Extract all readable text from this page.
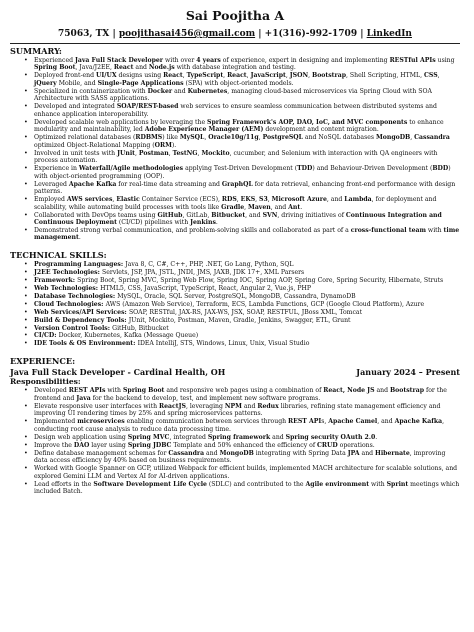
Sai Poojitha A
75063, TX | poojithasai456@gmail.com | +1(316)-992-1709 | LinkedIn
SUMMARY:
• Experienced Java Full Stack Developer with over 4 years of experience, expert in designing and implementing RESTful APIs using Spring Boot, Java/J2EE, React and Node.js with database integration and testing.
• Deployed front-end UI/UX designs using React, TypeScript, React, JavaScript, JSON, Bootstrap, Shell Scripting, HTML, CSS, jQuery Mobile, and Single-Page Applications (SPA) with object-oriented models.
• Specialized in containerization with Docker and Kubernetes, managing cloud-based microservices via Spring Cloud with SOA Architecture with SASS applications.
• Developed and integrated SOAP/REST-based web services to ensure seamless communication between distributed systems and enhance application interoperability.
• Developed scalable web applications by leveraging the Spring Framework's AOP, DAO, IoC, and MVC components to enhance modularity and maintainability, led Adobe Experience Manager (AEM) development and content migration.
• Optimized relational databases (RDBMS) like MySQL, Oracle10g/11g, PostgreSQL and NoSQL databases MongoDB, Cassandra optimized Object-Relational Mapping (ORM).
• Involved in unit tests with JUnit, Postman, TestNG, Mockito, cucumber, and Selenium with interaction with QA engineers with process automation.
• Experience in Waterfall/Agile methodologies applying Test-Driven Development (TDD) and Behaviour-Driven Development (BDD) with object-oriented programming (OOP).
• Leveraged Apache Kafka for real-time data streaming and GraphQL for data retrieval, enhancing front-end performance with design patterns.
• Employed AWS services, Elastic Container Service (ECS), RDS, EKS, S3, Microsoft Azure, and Lambda, for deployment and scalability, while automating build processes with tools like Gradle, Maven, and Ant.
• Collaborated with DevOps teams using GitHub, GitLab, Bitbucket, and SVN, driving initiatives of Continuous Integration and Continuous Deployment (CI/CD) pipelines with Jenkins.
• Demonstrated strong verbal communication, and problem-solving skills and collaborated as part of a cross-functional team with time management.
TECHNICAL SKILLS:
• Programming Languages: Java 8, C, C#, C++, PHP, .NET, Go Lang, Python, SQL
• J2EE Technologies: Servlets, JSP, JPA, JSTL, JNDI, JMS, JAXB, JDK 17+, XML Parsers
• Framework: Spring Boot, Spring MVC, Spring Web Flow, Spring IOC, Spring AOP, Spring Core, Spring Security, Hibernate, Struts
• Web Technologies: HTML5, CSS, JavaScript, TypeScript, React, Angular 2, Vue.js, PHP
• Database Technologies: MySQL, Oracle, SQL Server, PostgreSQL, MongoDB, Cassandra, DynamoDB
• Cloud Technologies: AWS (Amazon Web Service), Terraform, ECS, Lambda Functions, GCP (Google Cloud Platform), Azure
• Web Services/API Services: SOAP, RESTful, JAX-RS, JAX-WS, JSX, SOAP, RESTFUL, JBoss XML, Tomcat
• Build & Dependency Tools: JUnit, Mockito, Postman, Maven, Gradle, Jenkins, Swagger, ETL, Grunt
• Version Control Tools: GitHub, Bitbucket
• CI/CD: Docker, Kubernetes, Kafka (Message Queue)
• IDE Tools & OS Environment: IDEA IntelliJ, STS, Windows, Linux, Unix, Visual Studio
EXPERIENCE:
Java Full Stack Developer - Cardinal Health, OH	January 2024 – Present
Responsibilities:
• Developed REST APIs with Spring Boot and responsive web pages using a combination of React, Node JS and Bootstrap for the frontend and Java for the backend to develop, test, and implement new software programs.
• Elevate responsive user interfaces with ReactJS, leveraging NPM and Redux libraries, refining state management efficiency and improving UI rendering times by 25% and spring microservices patterns.
• Implemented microservices enabling communication between services through REST APIs, Apache Camel, and Apache Kafka, conducting root cause analysis to reduce data processing time.
• Design web application using Spring MVC, integrated Spring framework and Spring security OAuth 2.0.
• Improve the DAO layer using Spring JDBC Template and 50% enhanced the efficiency of CRUD operations.
• Define database management schemas for Cassandra and MongoDB integrating with Spring Data JPA and Hibernate, improving data access efficiency by 40% based on business requirements.
• Worked with Google Spanner on GCP, utilized Webpack for efficient builds, implemented MACH architecture for scalable solutions, and explored Gemini LLM and Vertex AI for AI-driven applications.
• Lead efforts in the Software Development Life Cycle (SDLC) and contributed to the Agile environment with Sprint meetings which included Batch.
